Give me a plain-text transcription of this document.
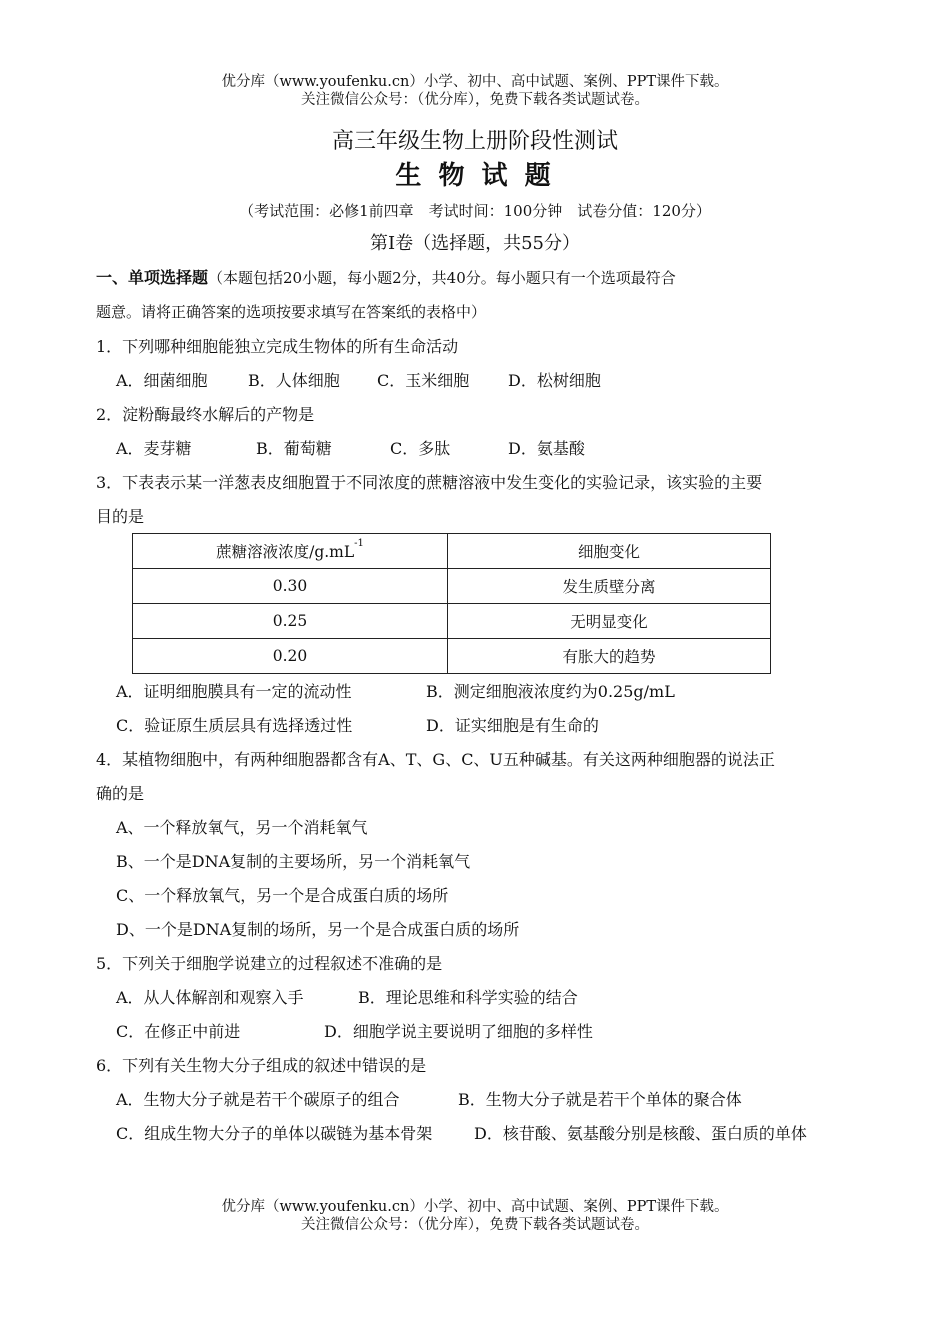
优分库（www.youfenku.cn）小学、初中、高中试题、案例、PPT课件下载。
关注微信公众号：（优分库），免费下载各类试题试卷。
高三年级生物上册阶段性测试
生 物 试 题
（考试范围：必修1前四章　考试时间：100分钟　试卷分值：120分）
第Ⅰ卷（选择题，共55分）
一、单项选择题（本题包括20小题，每小题2分，共40分。每小题只有一个选项最符合
题意。请将正确答案的选项按要求填写在答案纸的表格中）
1．下列哪种细胞能独立完成生物体的所有生命活动
A．细菌细胞	B．人体细胞 C．玉米细胞 D．松树细胞
2．淀粉酶最终水解后的产物是
A．麦芽糖	B．葡萄糖	C．多肽	D．氨基酸
3．下表表示某一洋葱表皮细胞置于不同浓度的蔗糖溶液中发生变化的实验记录，该实验的主要
目的是
蔗糖溶液浓度$/g.mL^{-1}$	细胞变化
0.30	发生质壁分离
0.25	无明显变化
0.20	有胀大的趋势
A．证明细胞膜具有一定的流动性	B．测定细胞液浓度约为0.25g/mL
C．验证原生质层具有选择透过性	D．证实细胞是有生命的
4．某植物细胞中，有两种细胞器都含有A、T、G、C、U五种碱基。有关这两种细胞器的说法正
确的是
A、一个释放氧气，另一个消耗氧气
B、一个是DNA复制的主要场所，另一个消耗氧气
C、一个释放氧气，另一个是合成蛋白质的场所
D、一个是DNA复制的场所，另一个是合成蛋白质的场所
5．下列关于细胞学说建立的过程叙述不准确的是
A．从人体解剖和观察入手	B．理论思维和科学实验的结合
C．在修正中前进	D．细胞学说主要说明了细胞的多样性
6．下列有关生物大分子组成的叙述中错误的是
A．生物大分子就是若干个碳原子的组合	B．生物大分子就是若干个单体的聚合体
C．组成生物大分子的单体以碳链为基本骨架	D．核苷酸、氨基酸分别是核酸、蛋白质的单体
优分库（www.youfenku.cn）小学、初中、高中试题、案例、PPT课件下载。
关注微信公众号：（优分库），免费下载各类试题试卷。
